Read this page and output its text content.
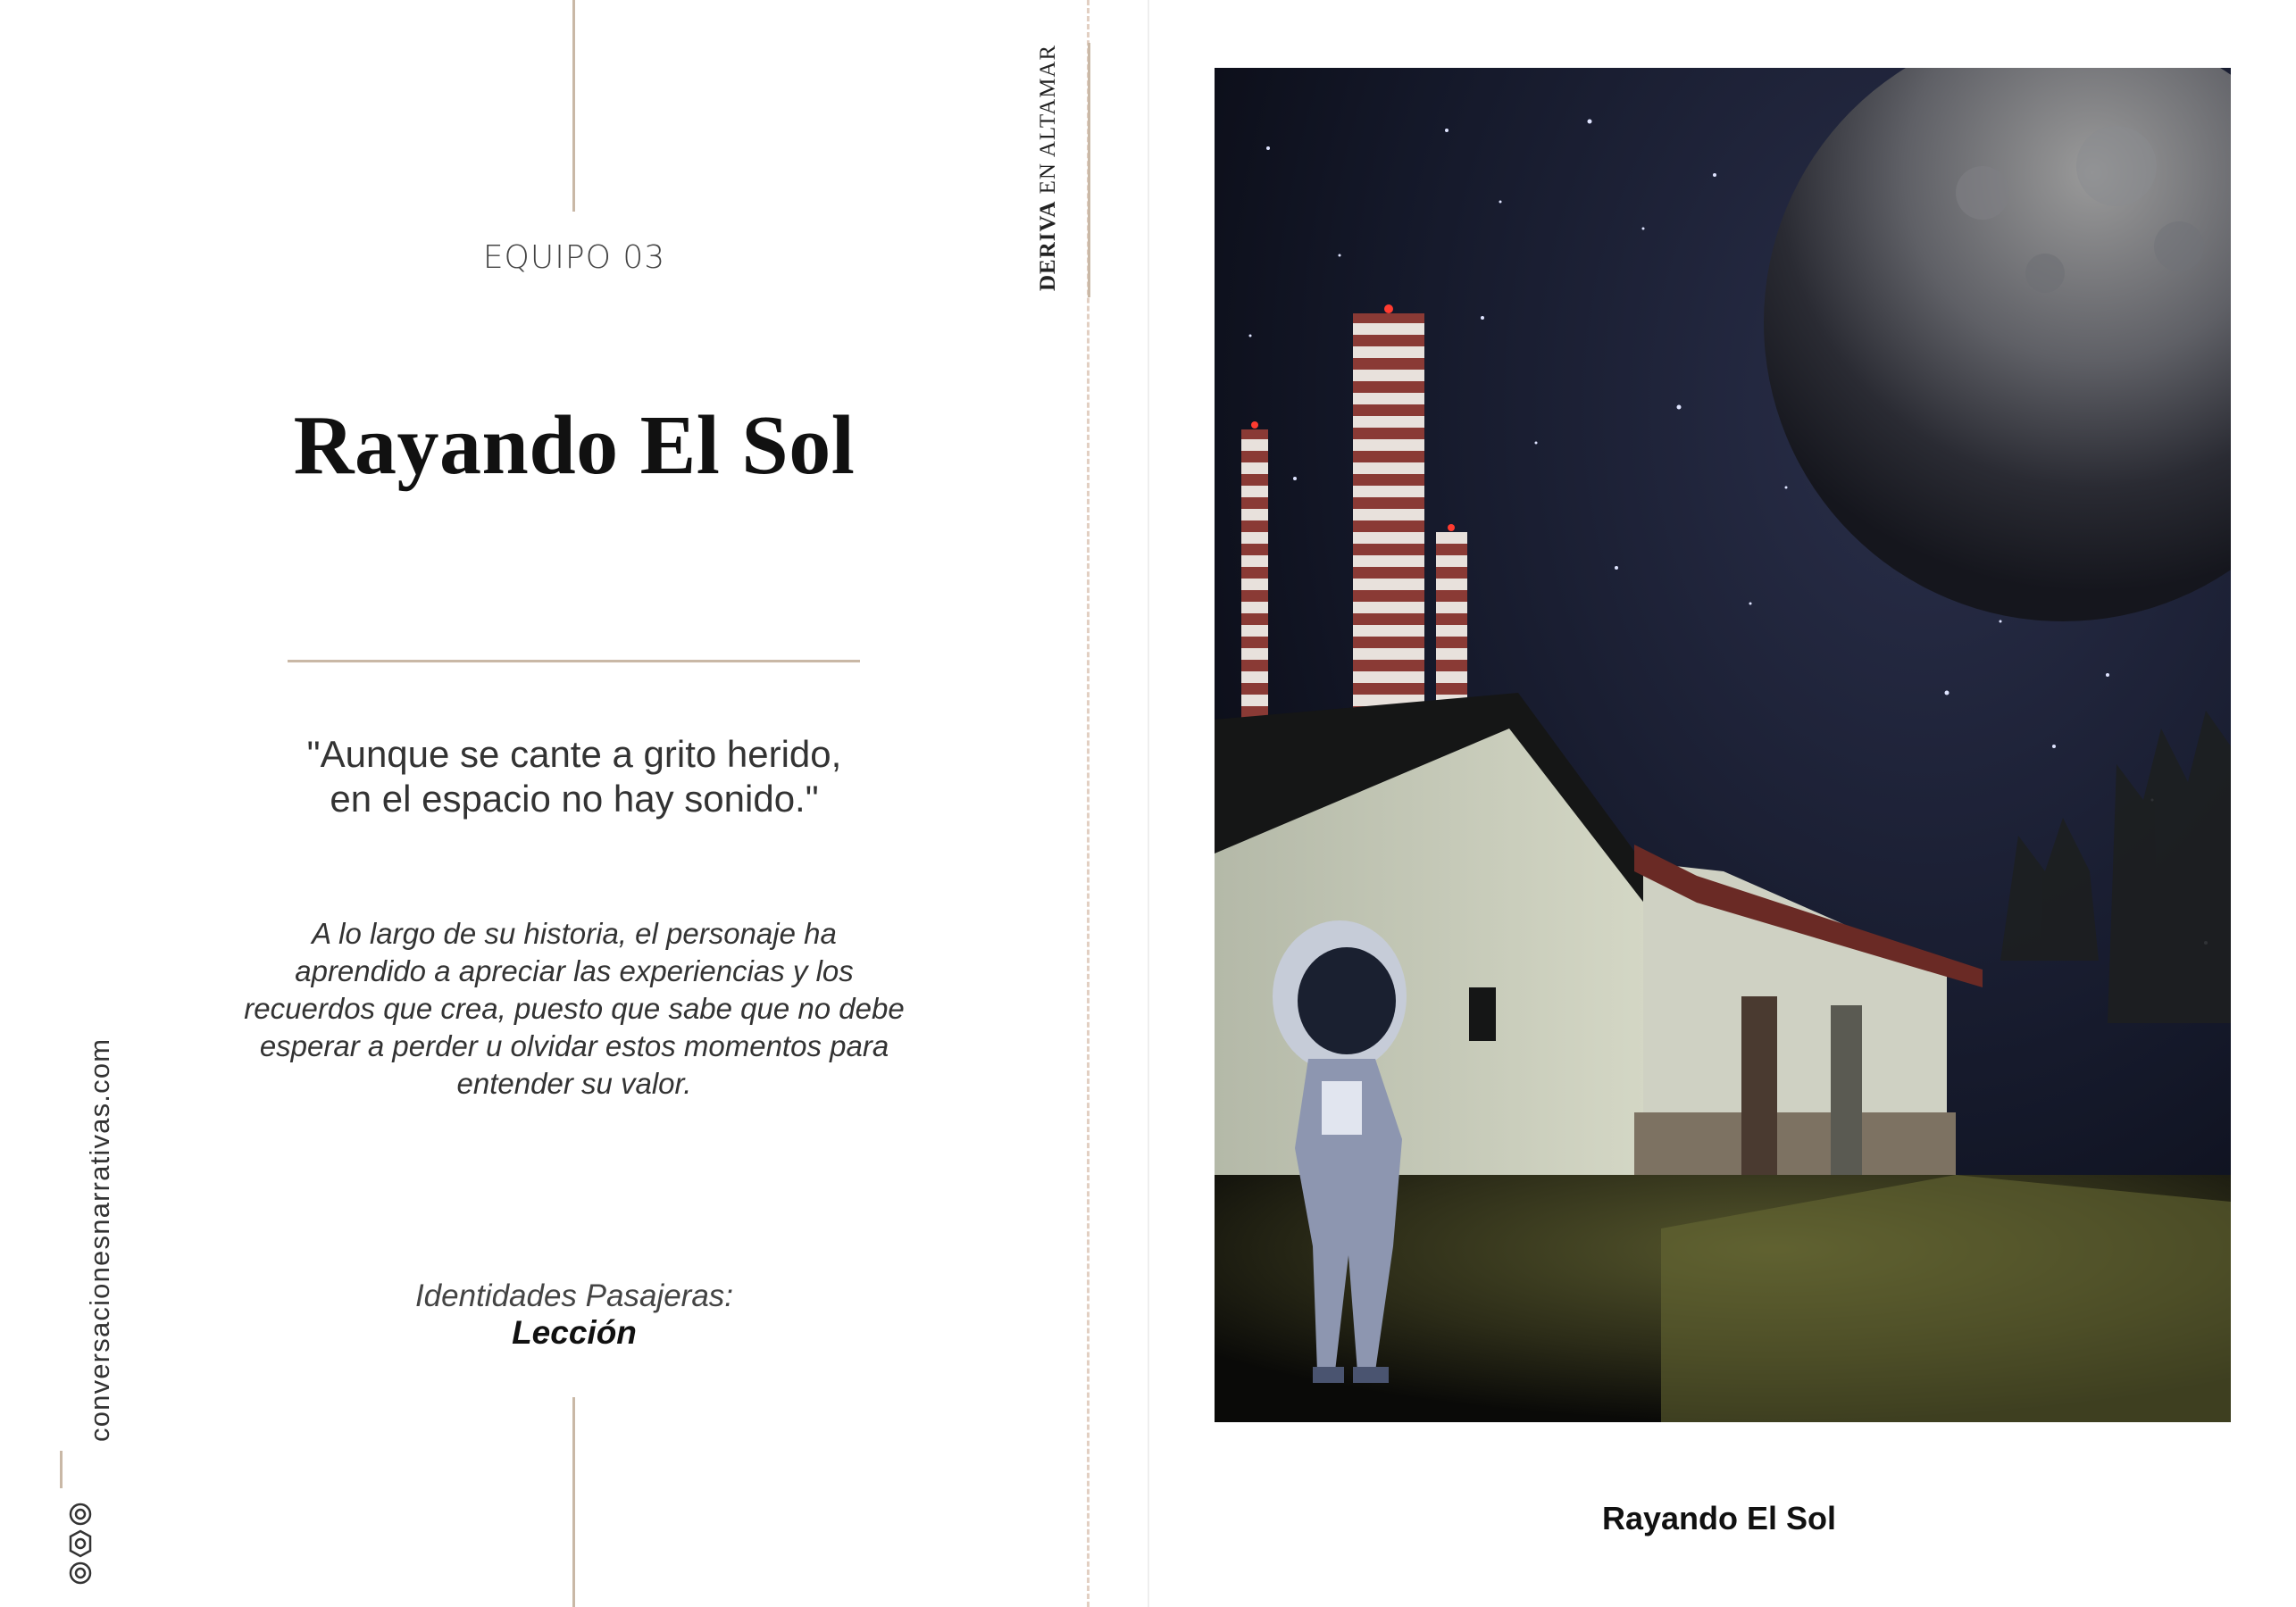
EQUIPO 03
Rayando El Sol
"Aunque se cante a grito herido,
en el espacio no hay sonido."
A lo largo de su historia, el personaje ha
aprendido a apreciar las experiencias y los
recuerdos que crea, puesto que sabe que no debe
esperar a perder u olvidar estos momentos para
entender su valor.
Identidades Pasajeras:
Lección
conversacionesnarrativas.com
DERIVA EN ALTAMAR
Rayando El Sol
